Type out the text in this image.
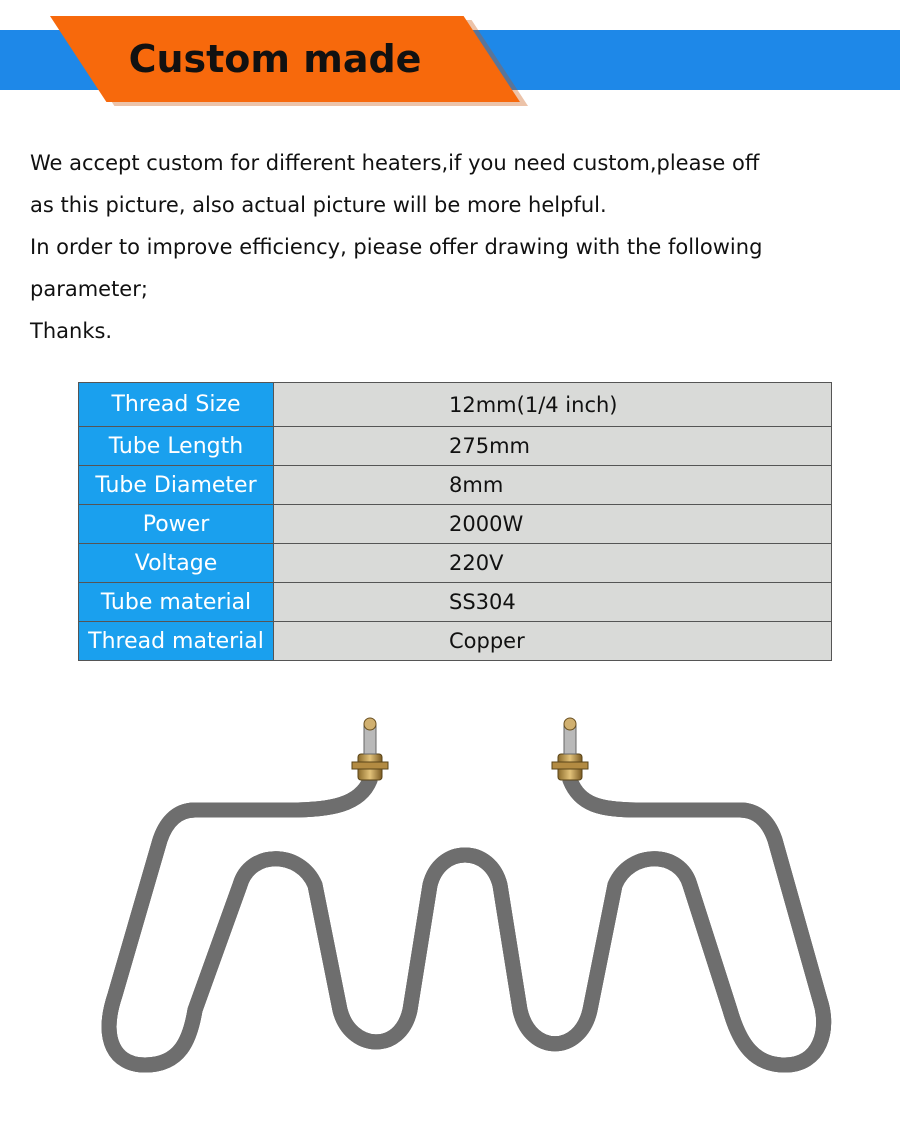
Custom made

We accept custom for different heaters,if you need custom,please off

as this picture, also actual picture will be more helpful.

In order to improve efficiency, piease offer drawing with the following

parameter;

Thanks.

Thread Size	12mm(1/4 inch)
Tube Length	275mm
Tube Diameter	8mm
Power	2000W
Voltage	220V
Tube material	SS304
Thread material	Copper
